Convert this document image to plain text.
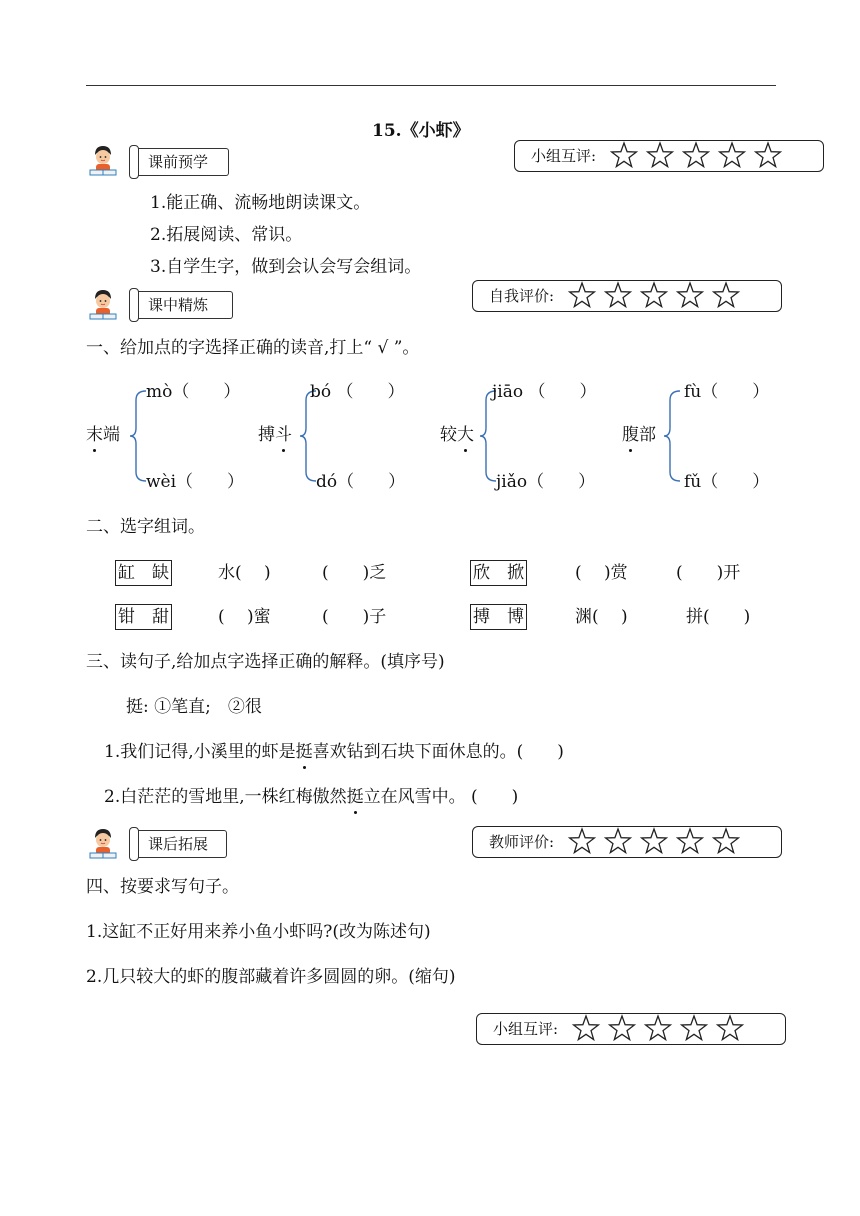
15.《小虾》
课前预学	小组互评:
1.能正确、流畅地朗读课文。
2.拓展阅读、常识。
3.自学生字，做到会认会写会组词。
课中精炼	自我评价:
一、给加点的字选择正确的读音,打上“ √ ”。
末端
mò（　　）
wèi（　　）
搏斗
bó （　　）
dó（　　）
较大
jiāo （　　）
jiǎo（　　）
腹部
fù（　　）
fǔ（　　）
二、选字组词。
缸　缺	水(　 )	(　　)乏	欣　掀	(　 )赏	(　　)开
钳　甜	(　 )蜜	(　　)子	搏　博	渊(　 )	拼(　　)
三、读句子,给加点字选择正确的解释。(填序号)
挺: ①笔直;　②很
1.我们记得,小溪里的虾是挺喜欢钻到石块下面休息的。(　　)
2.白茫茫的雪地里,一株红梅傲然挺立在风雪中。 (　　)
课后拓展	教师评价:
四、按要求写句子。
1.这缸不正好用来养小鱼小虾吗?(改为陈述句)
2.几只较大的虾的腹部藏着许多圆圆的卵。(缩句)
小组互评:
